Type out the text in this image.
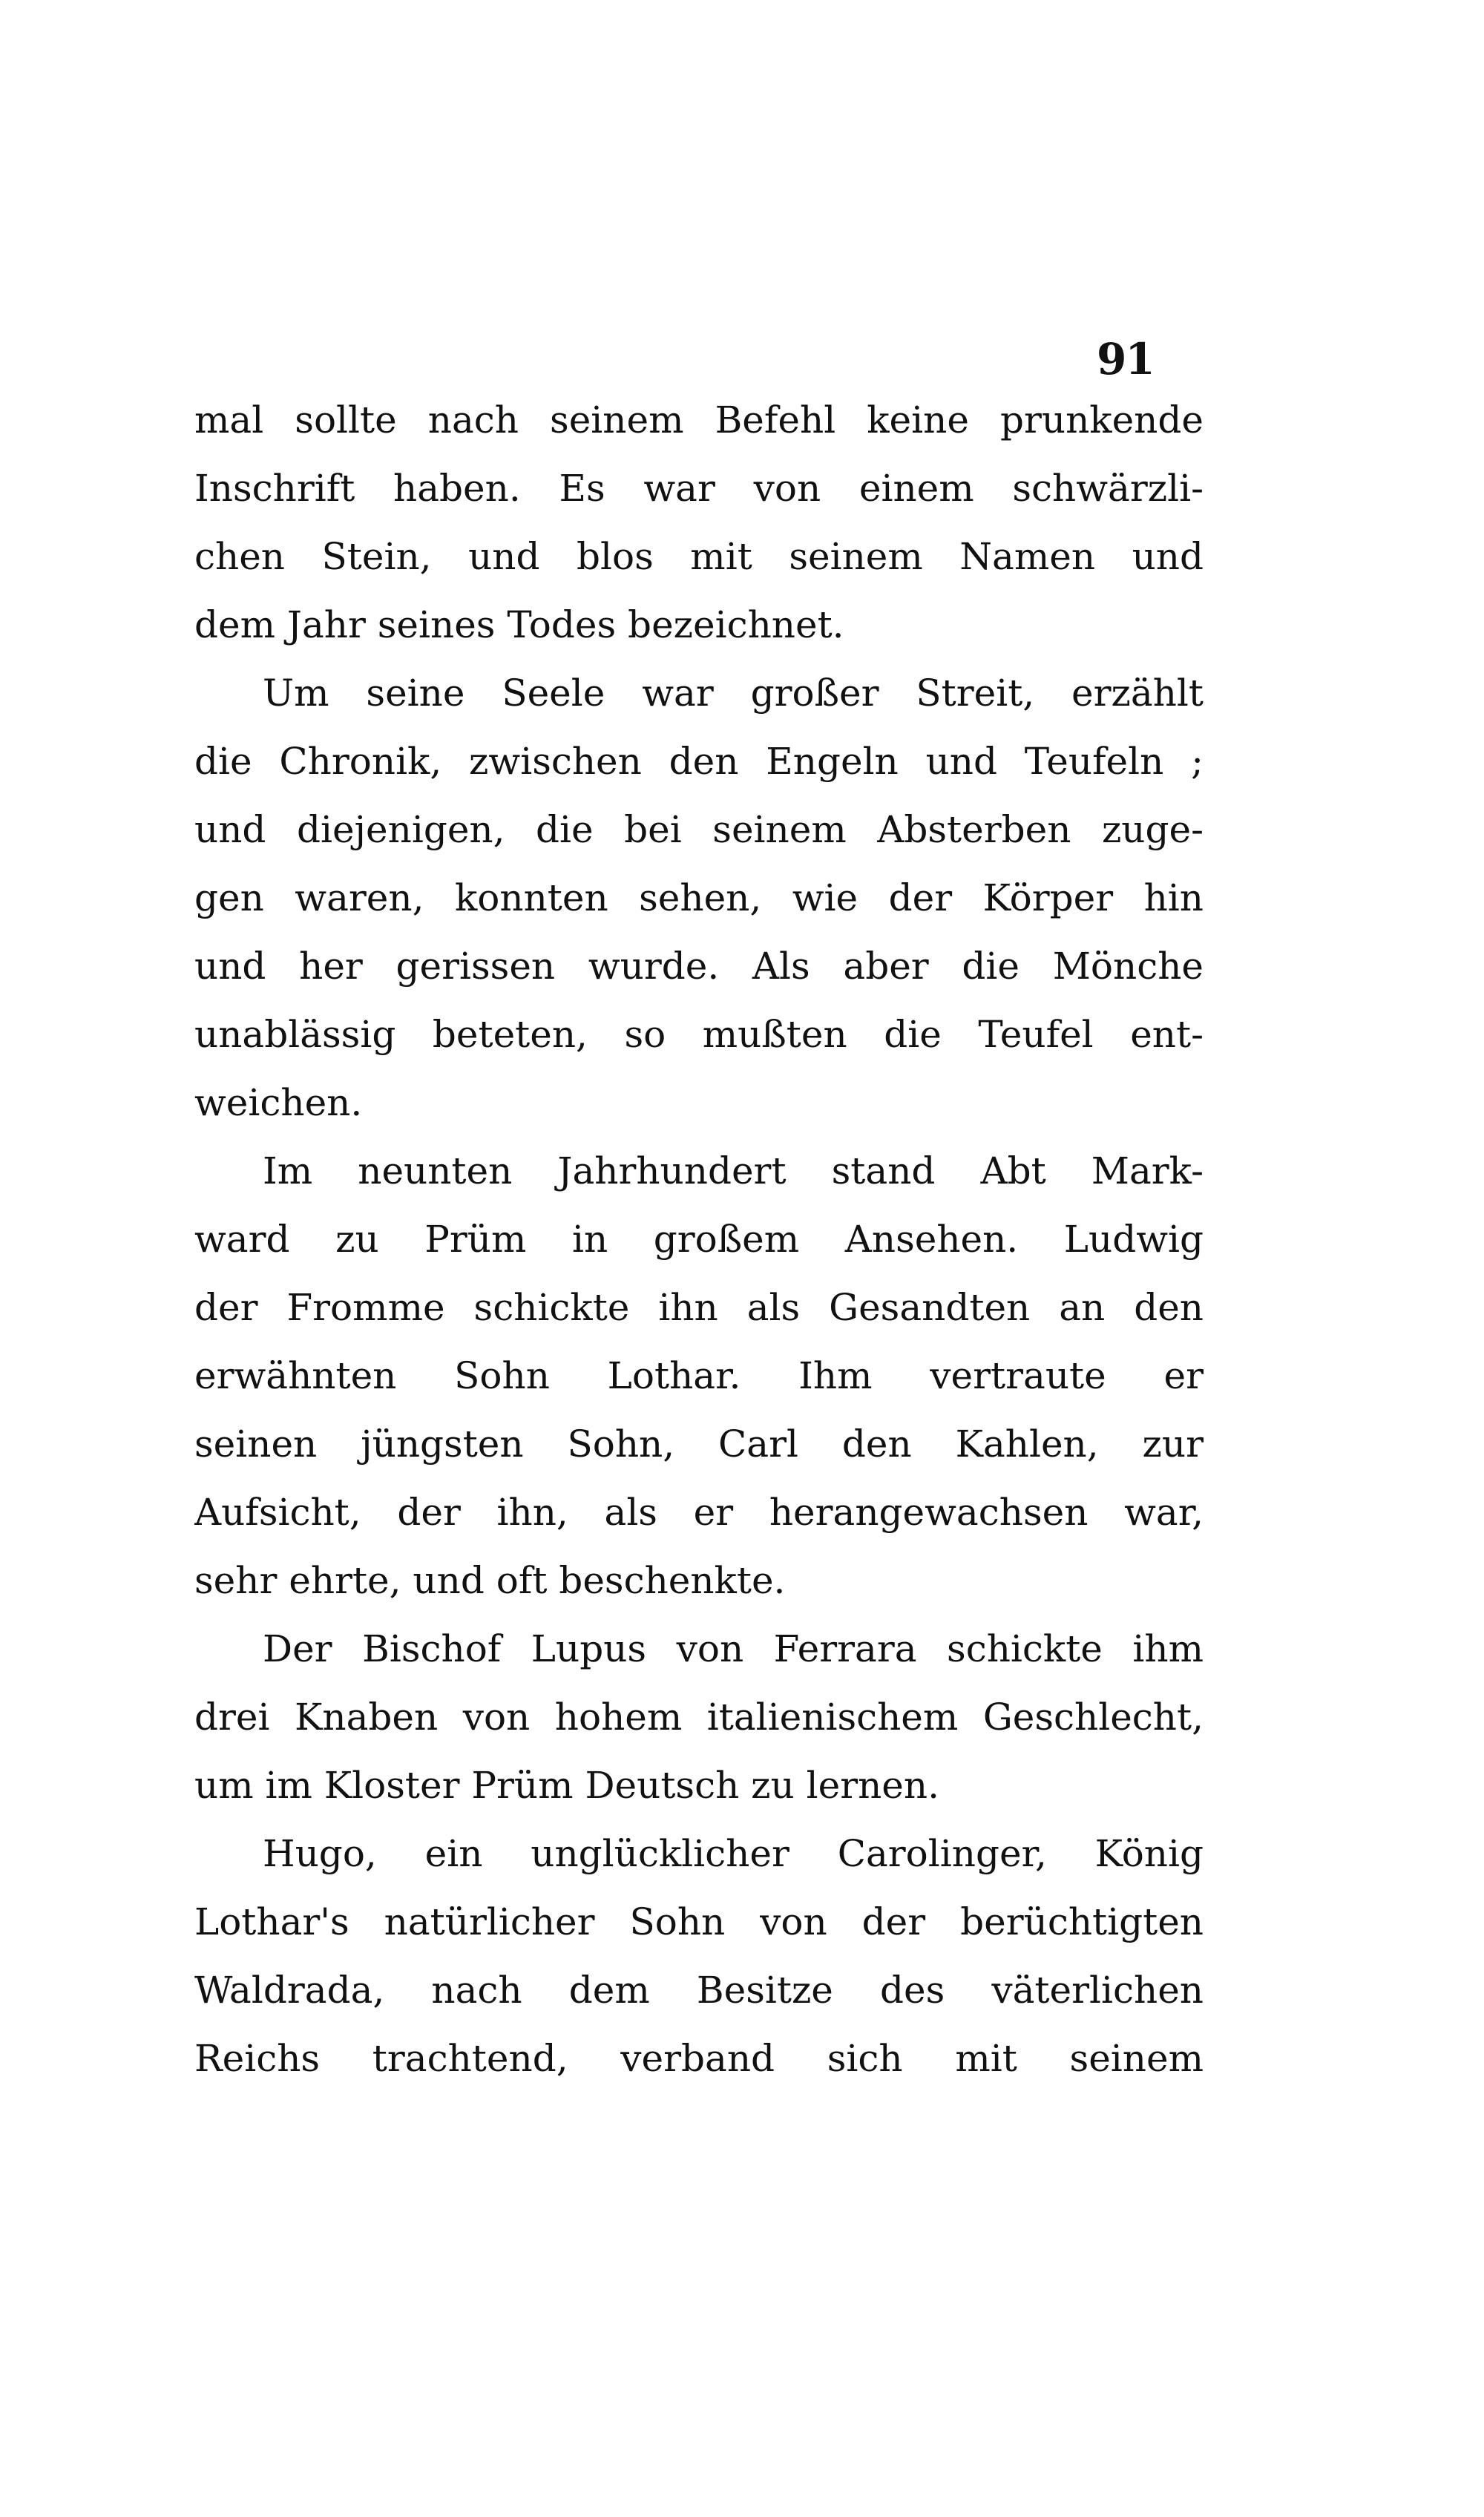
91
mal sollte nach seinem Befehl keine prunkende
Inschrift haben. Es war von einem schwärzli-
chen Stein, und blos mit seinem Namen und
dem Jahr seines Todes bezeichnet.
Um seine Seele war großer Streit, erzählt
die Chronik, zwischen den Engeln und Teufeln ;
und diejenigen, die bei seinem Absterben zuge-
gen waren, konnten sehen, wie der Körper hin
und her gerissen wurde. Als aber die Mönche
unablässig beteten, so mußten die Teufel ent-
weichen.
Im neunten Jahrhundert stand Abt Mark-
ward zu Prüm in großem Ansehen. Ludwig
der Fromme schickte ihn als Gesandten an den
erwähnten Sohn Lothar. Ihm vertraute er
seinen jüngsten Sohn, Carl den Kahlen, zur
Aufsicht, der ihn, als er herangewachsen war,
sehr ehrte, und oft beschenkte.
Der Bischof Lupus von Ferrara schickte ihm
drei Knaben von hohem italienischem Geschlecht,
um im Kloster Prüm Deutsch zu lernen.
Hugo, ein unglücklicher Carolinger, König
Lothar's natürlicher Sohn von der berüchtigten
Waldrada, nach dem Besitze des väterlichen
Reichs trachtend, verband sich mit seinem
